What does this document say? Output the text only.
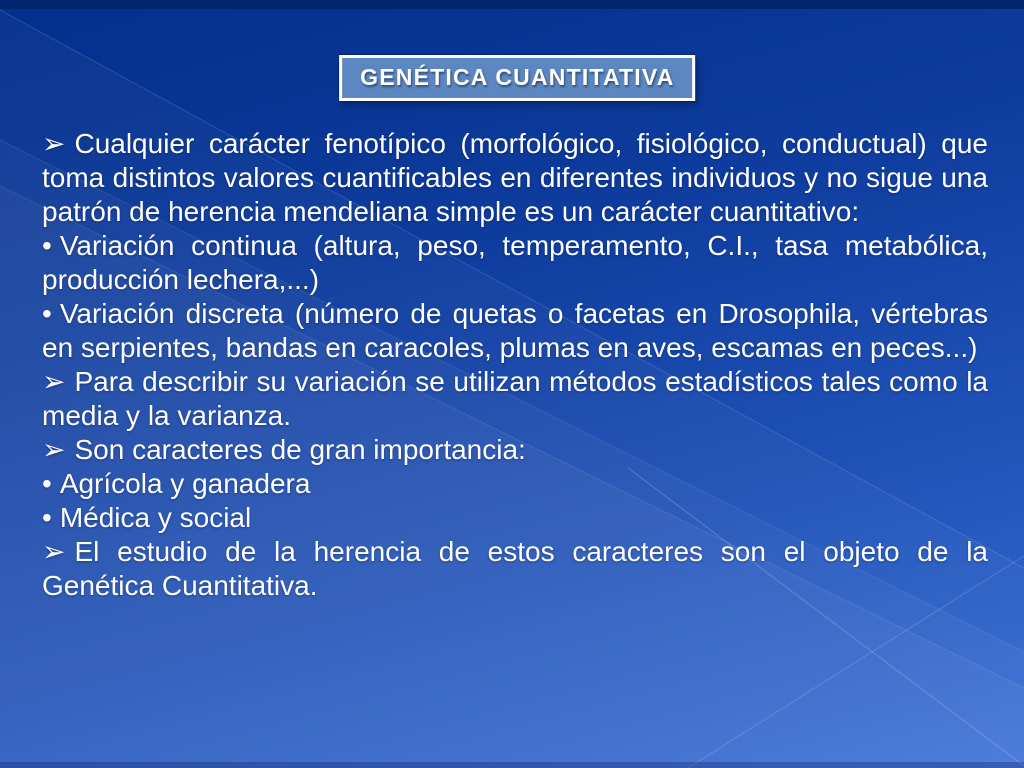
GENÉTICA CUANTITATIVA

➢ Cualquier carácter fenotípico (morfológico, fisiológico, conductual) que toma distintos valores cuantificables en diferentes individuos y no sigue una patrón de herencia mendeliana simple es un carácter cuantitativo:

• Variación continua (altura, peso, temperamento, C.I., tasa metabólica, producción lechera,...)

• Variación discreta (número de quetas o facetas en Drosophila, vértebras en serpientes, bandas en caracoles, plumas en aves, escamas en peces...)

➢ Para describir su variación se utilizan métodos estadísticos tales como la media y la varianza.

➢ Son caracteres de gran importancia:

• Agrícola y ganadera

• Médica y social

➢ El estudio de la herencia de estos caracteres son el objeto de la Genética Cuantitativa.
